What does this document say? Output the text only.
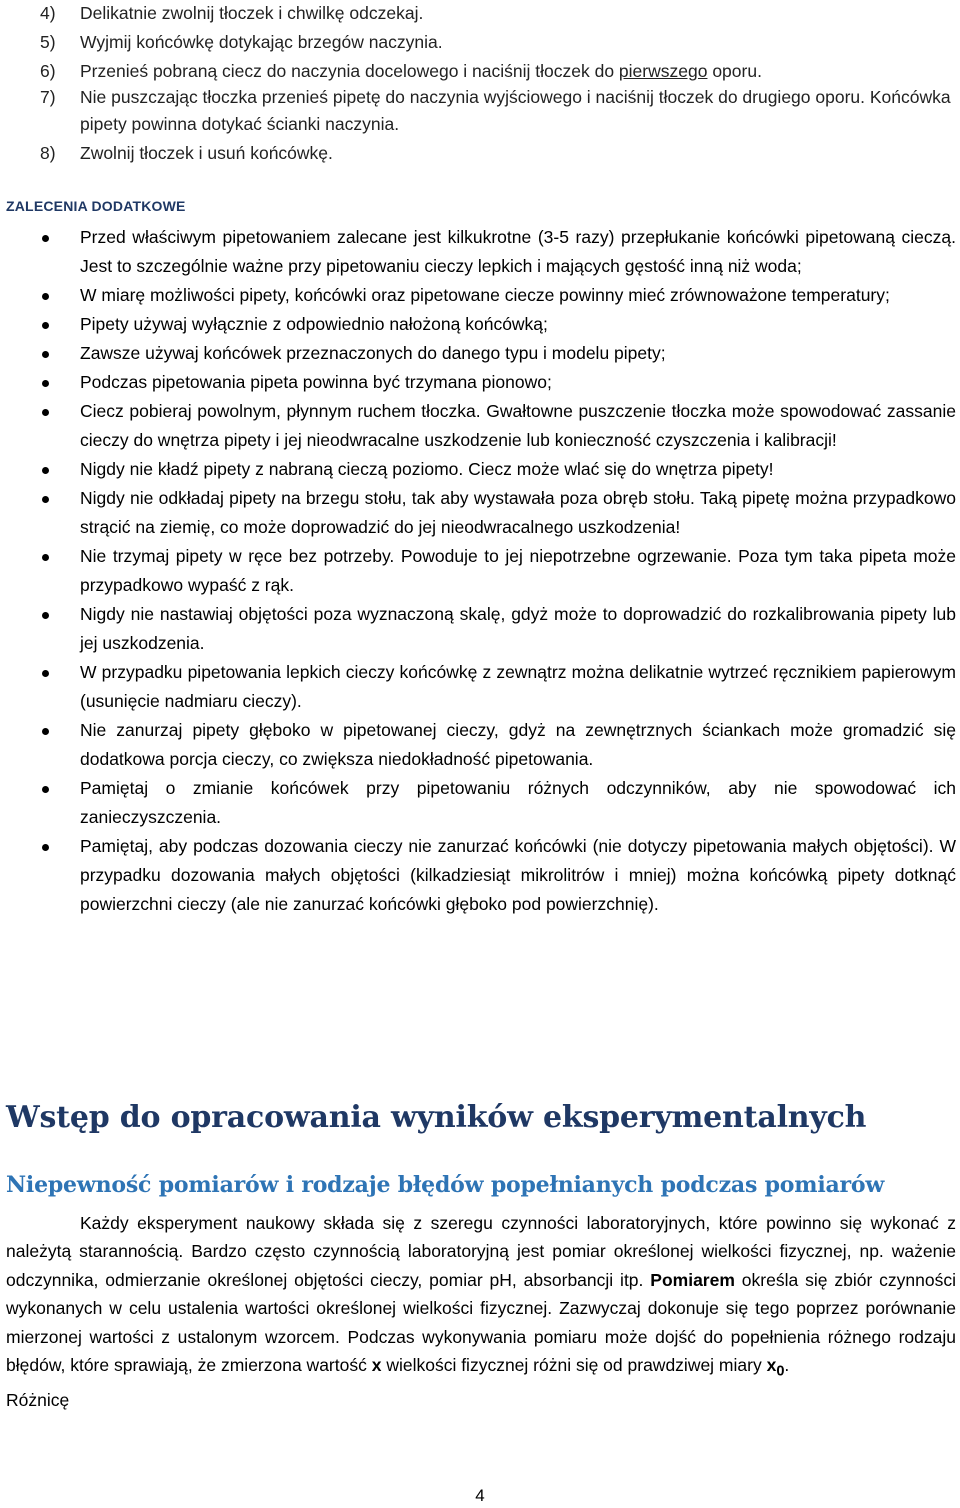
4)	Delikatnie zwolnij tłoczek i chwilkę odczekaj.
5)	Wyjmij końcówkę dotykając brzegów naczynia.
6)	Przenieś pobraną ciecz do naczynia docelowego i naciśnij tłoczek do pierwszego oporu.
7)	Nie puszczając tłoczka przenieś pipetę do naczynia wyjściowego i naciśnij tłoczek do drugiego oporu. Końcówka pipety powinna dotykać ścianki naczynia.
8)	Zwolnij tłoczek i usuń końcówkę.
ZALECENIA DODATKOWE
Przed właściwym pipetowaniem zalecane jest kilkukrotne (3-5 razy) przepłukanie końcówki pipetowaną cieczą. Jest to szczególnie ważne przy pipetowaniu cieczy lepkich i mających gęstość inną niż woda;
W miarę możliwości pipety, końcówki oraz pipetowane ciecze powinny mieć zrównoważone temperatury;
Pipety używaj wyłącznie z odpowiednio nałożoną końcówką;
Zawsze używaj końcówek przeznaczonych do danego typu i modelu pipety;
Podczas pipetowania pipeta powinna być trzymana pionowo;
Ciecz pobieraj powolnym, płynnym ruchem tłoczka. Gwałtowne puszczenie tłoczka może spowodować zassanie cieczy do wnętrza pipety i jej nieodwracalne uszkodzenie lub konieczność czyszczenia i kalibracji!
Nigdy nie kładź pipety z nabraną cieczą poziomo. Ciecz może wlać się do wnętrza pipety!
Nigdy nie odkładaj pipety na brzegu stołu, tak aby wystawała poza obręb stołu. Taką pipetę można przypadkowo strącić na ziemię, co może doprowadzić do jej nieodwracalnego uszkodzenia!
Nie trzymaj pipety w ręce bez potrzeby. Powoduje to jej niepotrzebne ogrzewanie. Poza tym taka pipeta może przypadkowo wypaść z rąk.
Nigdy nie nastawiaj objętości poza wyznaczoną skalę, gdyż może to doprowadzić do rozkalibrowania pipety lub jej uszkodzenia.
W przypadku pipetowania lepkich cieczy końcówkę z zewnątrz można delikatnie wytrzeć ręcznikiem papierowym (usunięcie nadmiaru cieczy).
Nie zanurzaj pipety głęboko w pipetowanej cieczy, gdyż na zewnętrznych ściankach może gromadzić się dodatkowa porcja cieczy, co zwiększa niedokładność pipetowania.
Pamiętaj o zmianie końcówek przy pipetowaniu różnych odczynników, aby nie spowodować ich zanieczyszczenia.
Pamiętaj, aby podczas dozowania cieczy nie zanurzać końcówki (nie dotyczy pipetowania małych objętości). W przypadku dozowania małych objętości (kilkadziesiąt mikrolitrów i mniej) można końcówką pipety dotknąć powierzchni cieczy (ale nie zanurzać końcówki głęboko pod powierzchnię).
Wstęp do opracowania wyników eksperymentalnych
Niepewność pomiarów i rodzaje błędów popełnianych podczas pomiarów

Każdy eksperyment naukowy składa się z szeregu czynności laboratoryjnych, które powinno się wykonać z należytą starannością. Bardzo często czynnością laboratoryjną jest pomiar określonej wielkości fizycznej, np. ważenie odczynnika, odmierzanie określonej objętości cieczy, pomiar pH, absorbancji itp. Pomiarem określa się zbiór czynności wykonanych w celu ustalenia wartości określonej wielkości fizycznej. Zazwyczaj dokonuje się tego poprzez porównanie mierzonej wartości z ustalonym wzorcem. Podczas wykonywania pomiaru może dojść do popełnienia różnego rodzaju błędów, które sprawiają, że zmierzona wartość x wielkości fizycznej różni się od prawdziwej miary $x_0$.
Różnicę

4
